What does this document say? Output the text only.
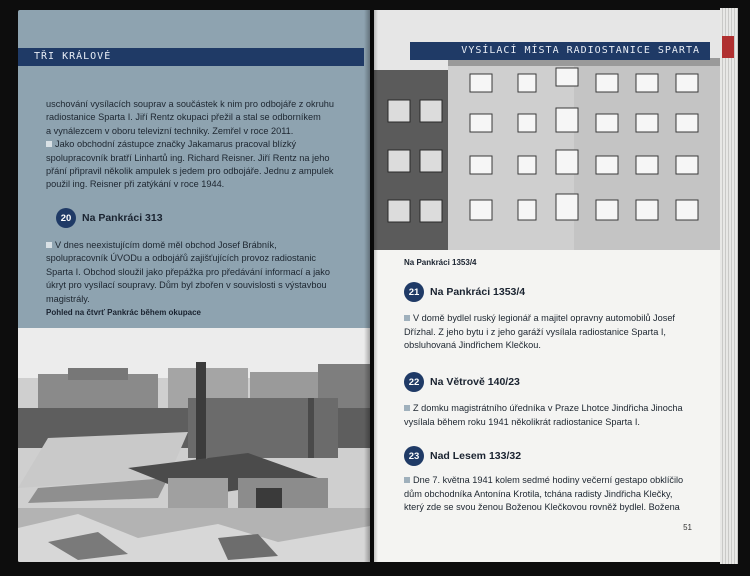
TŘI KRÁLOVÉ
uschování vysílacích souprav a součástek k nim pro odbojáře z okruhu
radiostanice Sparta I. Jiří Rentz okupaci přežil a stal se odborníkem
a vynálezcem v oboru televizní techniky. Zemřel v roce 2011.
Jako obchodní zástupce značky Jakamarus pracoval blízký
spolupracovník bratří Linhartů ing. Richard Reisner. Jiří Rentz na jeho
přání připravil několik ampulek s jedem pro odbojáře. Jednu z ampulek
použil ing. Reisner při zatýkání v roce 1944.
20	Na Pankráci 313
V dnes neexistujícím domě měl obchod Josef Brábník,
spolupracovník ÚVODu a odbojářů zajišťujících provoz radiostanic
Sparta I. Obchod sloužil jako přepážka pro předávání informací a jako
úkryt pro vysílací soupravy. Dům byl zbořen v souvislosti s výstavbou
magistrály.
Pohled na čtvrť Pankrác během okupace
VYSÍLACÍ MÍSTA RADIOSTANICE SPARTA
Na Pankráci 1353/4
21	Na Pankráci 1353/4
V domě bydlel ruský legionář a majitel opravny automobilů Josef
Dřízhal. Z jeho bytu i z jeho garáží vysílala radiostanice Sparta I,
obsluhovaná Jindřichem Klečkou.
22	Na Větrově 140/23
Z domku magistrátního úředníka v Praze Lhotce Jindřicha Jinocha
vysílala během roku 1941 několikrát radiostanice Sparta I.
23	Nad Lesem 133/32
Dne 7. května 1941 kolem sedmé hodiny večerní gestapo obklíčilo
dům obchodníka Antonína Krotila, tchána radisty Jindřicha Klečky,
který zde se svou ženou Boženou Klečkovou rovněž bydlel. Božena
51
